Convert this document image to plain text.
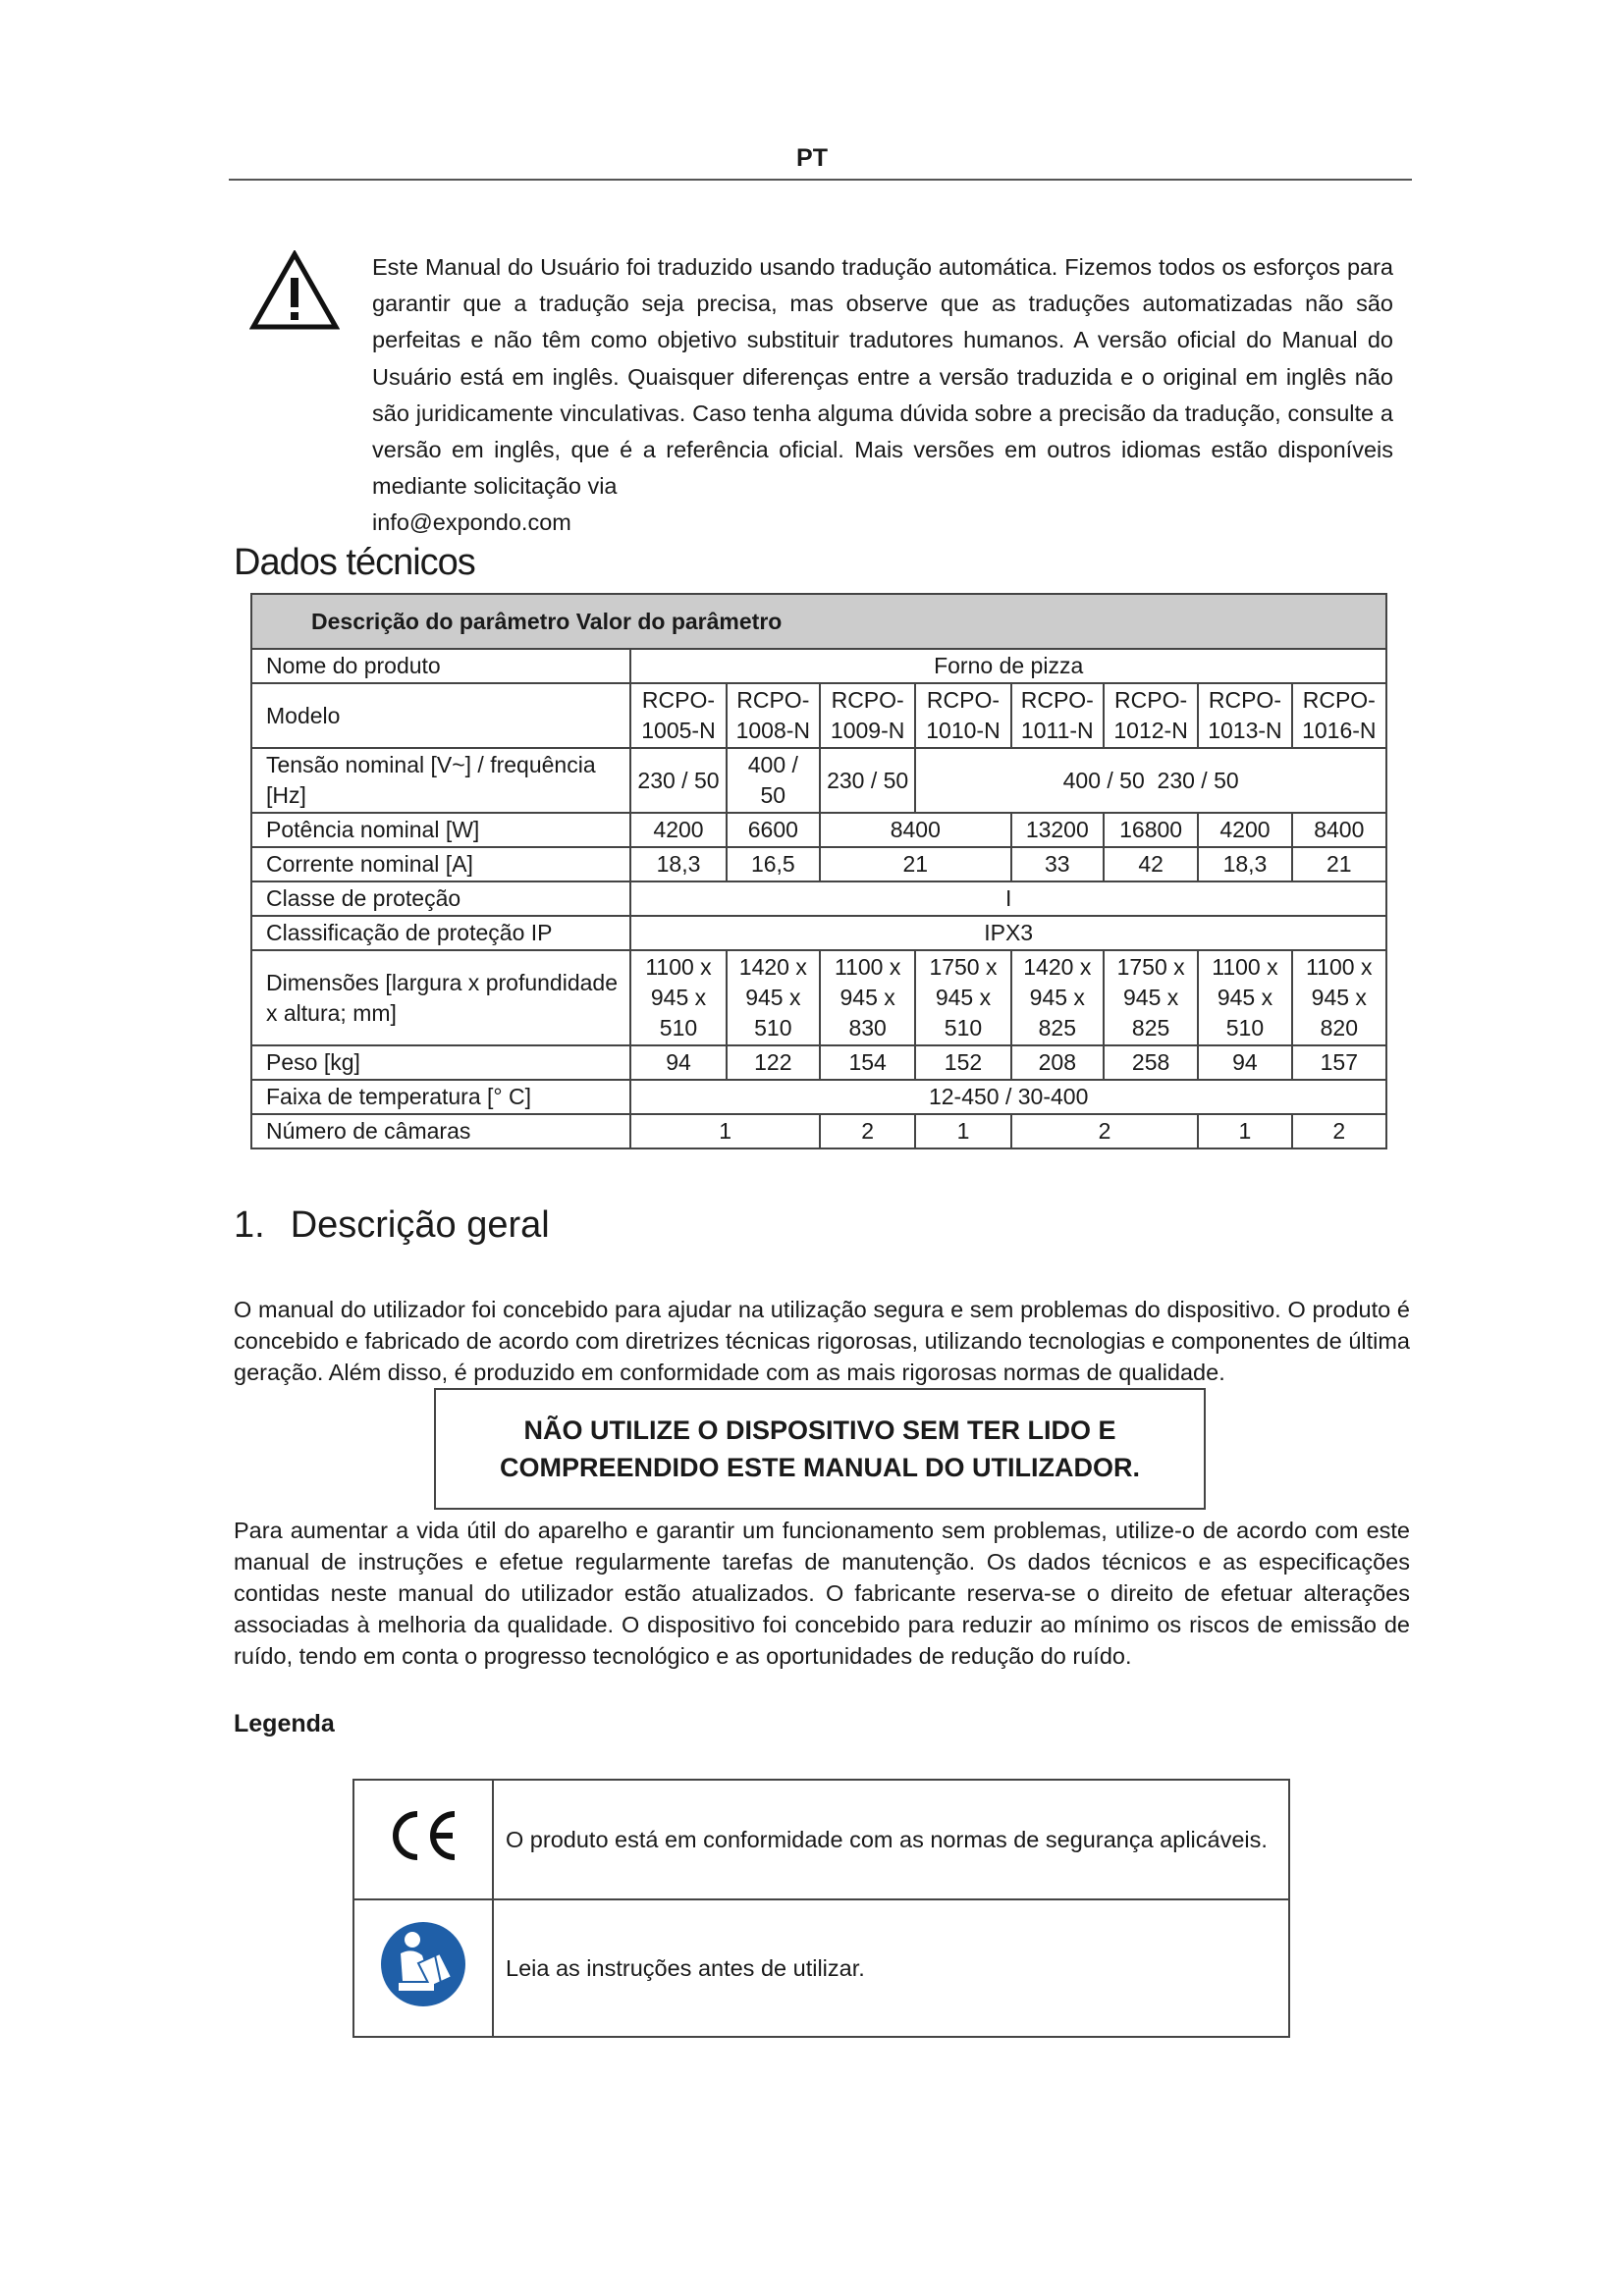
PT

Este Manual do Usuário foi traduzido usando tradução automática. Fizemos todos os esforços para garantir que a tradução seja precisa, mas observe que as traduções automatizadas não são perfeitas e não têm como objetivo substituir tradutores humanos. A versão oficial do Manual do Usuário está em inglês. Quaisquer diferenças entre a versão traduzida e o original em inglês não são juridicamente vinculativas. Caso tenha alguma dúvida sobre a precisão da tradução, consulte a versão em inglês, que é a referência oficial. Mais versões em outros idiomas estão disponíveis mediante solicitação via

info@expondo.com

Dados técnicos
Descrição do parâmetro Valor do parâmetro								
Nome do produto	Forno de pizza							
Modelo	RCPO-1005-N	RCPO-1008-N	RCPO-1009-N	RCPO-1010-N	RCPO-1011-N	RCPO-1012-N	RCPO-1013-N	RCPO-1016-N
Tensão nominal [V~] / frequência [Hz]	230 / 50	400 / 50	230 / 50	400 / 50 230 / 50				
Potência nominal [W]	4200	6600	8400		13200	16800	4200	8400
Corrente nominal [A]	18,3	16,5	21		33	42	18,3	21
Classe de proteção	I							
Classificação de proteção IP	IPX3							
Dimensões [largura x profundidade x altura; mm]	1100 x 945 x 510	1420 x 945 x 510	1100 x 945 x 830	1750 x 945 x 510	1420 x 945 x 825	1750 x 945 x 825	1100 x 945 x 510	1100 x 945 x 820
Peso [kg]	94	122	154	152	208	258	94	157
Faixa de temperatura [° C]	12-450 / 30-400							
Número de câmaras	1		2	1	2		1	2
1. Descrição geral

O manual do utilizador foi concebido para ajudar na utilização segura e sem problemas do dispositivo. O produto é concebido e fabricado de acordo com diretrizes técnicas rigorosas, utilizando tecnologias e componentes de última geração. Além disso, é produzido em conformidade com as mais rigorosas normas de qualidade.

NÃO UTILIZE O DISPOSITIVO SEM TER LIDO E
COMPREENDIDO ESTE MANUAL DO UTILIZADOR.

Para aumentar a vida útil do aparelho e garantir um funcionamento sem problemas, utilize-o de acordo com este manual de instruções e efetue regularmente tarefas de manutenção. Os dados técnicos e as especificações contidas neste manual do utilizador estão atualizados. O fabricante reserva-se o direito de efetuar alterações associadas à melhoria da qualidade. O dispositivo foi concebido para reduzir ao mínimo os riscos de emissão de ruído, tendo em conta o progresso tecnológico e as oportunidades de redução do ruído.

Legenda
	O produto está em conformidade com as normas de segurança aplicáveis.
	Leia as instruções antes de utilizar.
